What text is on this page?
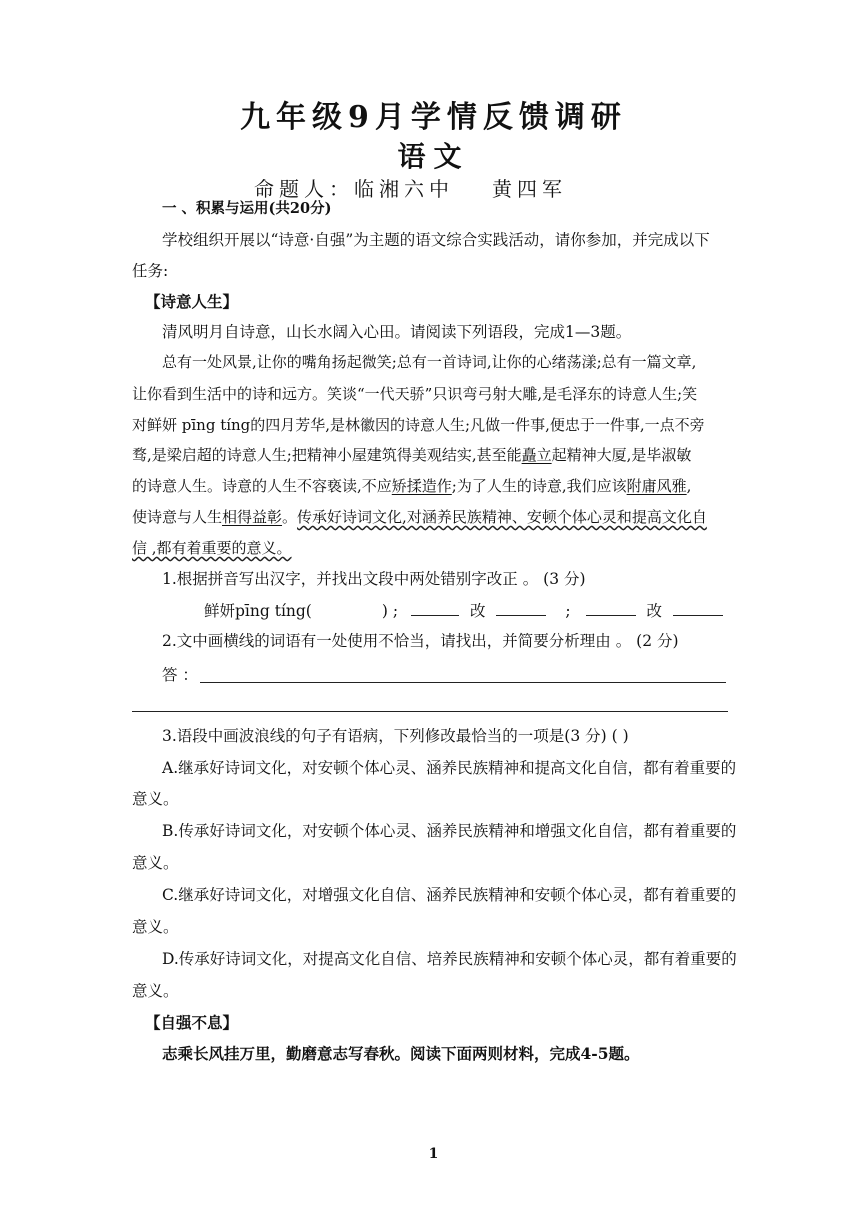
九年级9月学情反馈调研
语文
命题人：临湘六中 黄四军
一 、积累与运用(共20分)
学校组织开展以“诗意·自强”为主题的语文综合实践活动，请你参加，并完成以下
任务:
【诗意人生】
清风明月自诗意，山长水阔入心田。请阅读下列语段，完成1—3题。
总有一处风景,让你的嘴角扬起微笑;总有一首诗词,让你的心绪荡漾;总有一篇文章,
让你看到生活中的诗和远方。笑谈“一代天骄”只识弯弓射大雕,是毛泽东的诗意人生;笑
对鲜妍 pīng tíng的四月芳华,是林徽因的诗意人生;凡做一件事,便忠于一件事,一点不旁
骛,是梁启超的诗意人生;把精神小屋建筑得美观结实,甚至能矗立起精神大厦,是毕淑敏
的诗意人生。诗意的人生不容亵读,不应矫揉造作;为了人生的诗意,我们应该附庸风雅,
使诗意与人生相得益彰。传承好诗词文化,对涵养民族精神、安顿个体心灵和提高文化自
信 ,都有着重要的意义。
1.根据拼音写出汉字，并找出文段中两处错别字改正 。 (3 分)
鲜妍pīng tíng(	) ;	改	;	改
2.文中画横线的词语有一处使用不恰当，请找出，并简要分析理由 。 (2 分)
答 ：
3.语段中画波浪线的句子有语病，下列修改最恰当的一项是(3 分) ( )
A.继承好诗词文化，对安顿个体心灵、涵养民族精神和提高文化自信，都有着重要的
意义。
B.传承好诗词文化，对安顿个体心灵、涵养民族精神和增强文化自信，都有着重要的
意义。
C.继承好诗词文化，对增强文化自信、涵养民族精神和安顿个体心灵，都有着重要的
意义。
D.传承好诗词文化，对提高文化自信、培养民族精神和安顿个体心灵，都有着重要的
意义。
【自强不息】
志乘长风挂万里，勤磨意志写春秋。阅读下面两则材料，完成4-5题。
1
